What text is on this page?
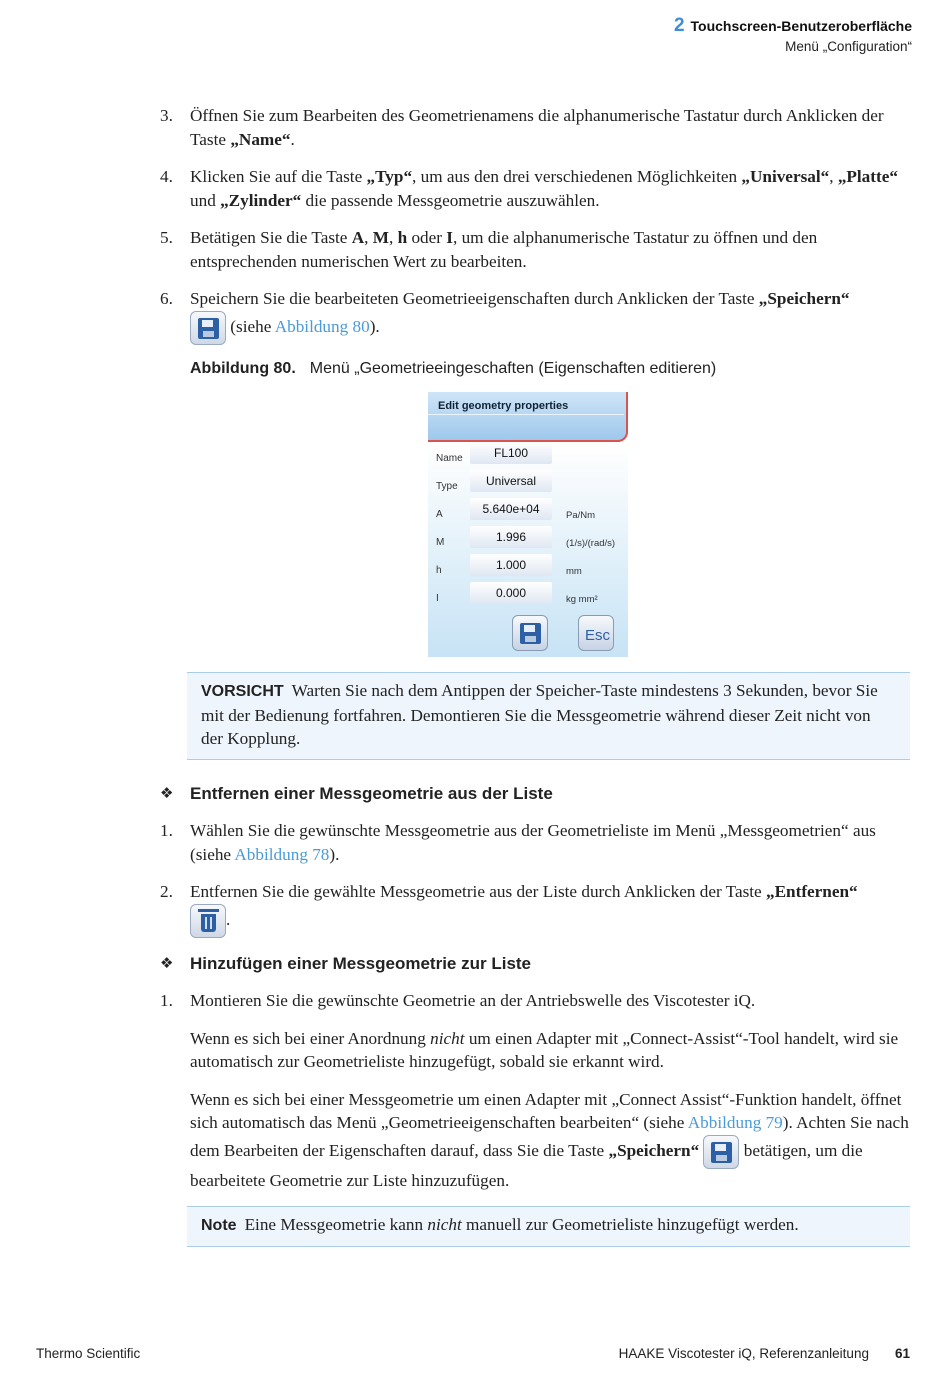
2 Touchscreen-Benutzeroberfläche
Menü „Configuration“
3. Öffnen Sie zum Bearbeiten des Geometrienamens die alphanumerische Tastatur durch Anklicken der Taste „Name“.
4. Klicken Sie auf die Taste „Typ“, um aus den drei verschiedenen Möglichkeiten „Universal“, „Platte“ und „Zylinder“ die passende Messgeometrie auszuwählen.
5. Betätigen Sie die Taste A, M, h oder I, um die alphanumerische Tastatur zu öffnen und den entsprechenden numerischen Wert zu bearbeiten.
6. Speichern Sie die bearbeiteten Geometrieeigenschaften durch Anklicken der Taste „Speichern“

(siehe Abbildung 80).
Abbildung 80. Menü „Geometrieeingeschaften (Eigenschaften editieren)
Edit geometry properties
Name	FL100
Type	Universal
A	5.640e+04	Pa/Nm
M	1.996	(1/s)/(rad/s)
h	1.000	mm
I	0.000	kg mm²
Esc
VORSICHT Warten Sie nach dem Antippen der Speicher-Taste mindestens 3 Sekunden, bevor Sie mit der Bedienung fortfahren. Demontieren Sie die Messgeometrie während dieser Zeit nicht von der Kopplung.
❖ Entfernen einer Messgeometrie aus der Liste
1. Wählen Sie die gewünschte Messgeometrie aus der Geometrieliste im Menü „Messgeometrien“ aus (siehe Abbildung 78).
2. Entfernen Sie die gewählte Messgeometrie aus der Liste durch Anklicken der Taste „Entfernen“

.
❖ Hinzufügen einer Messgeometrie zur Liste
1. Montieren Sie die gewünschte Geometrie an der Antriebswelle des Viscotester iQ.
Wenn es sich bei einer Anordnung nicht um einen Adapter mit „Connect-Assist“-Tool handelt, wird sie automatisch zur Geometrieliste hinzugefügt, sobald sie erkannt wird.
Wenn es sich bei einer Messgeometrie um einen Adapter mit „Connect Assist“-Funktion handelt, öffnet sich automatisch das Menü „Geometrieeigenschaften bearbeiten“ (siehe Abbildung 79). Achten Sie nach dem Bearbeiten der Eigenschaften darauf, dass Sie die Taste „Speichern“
betätigen, um die bearbeitete Geometrie zur Liste hinzuzufügen.
Note Eine Messgeometrie kann nicht manuell zur Geometrieliste hinzugefügt werden.
Thermo Scientific	HAAKE Viscotester iQ, Referenzanleitung 61
